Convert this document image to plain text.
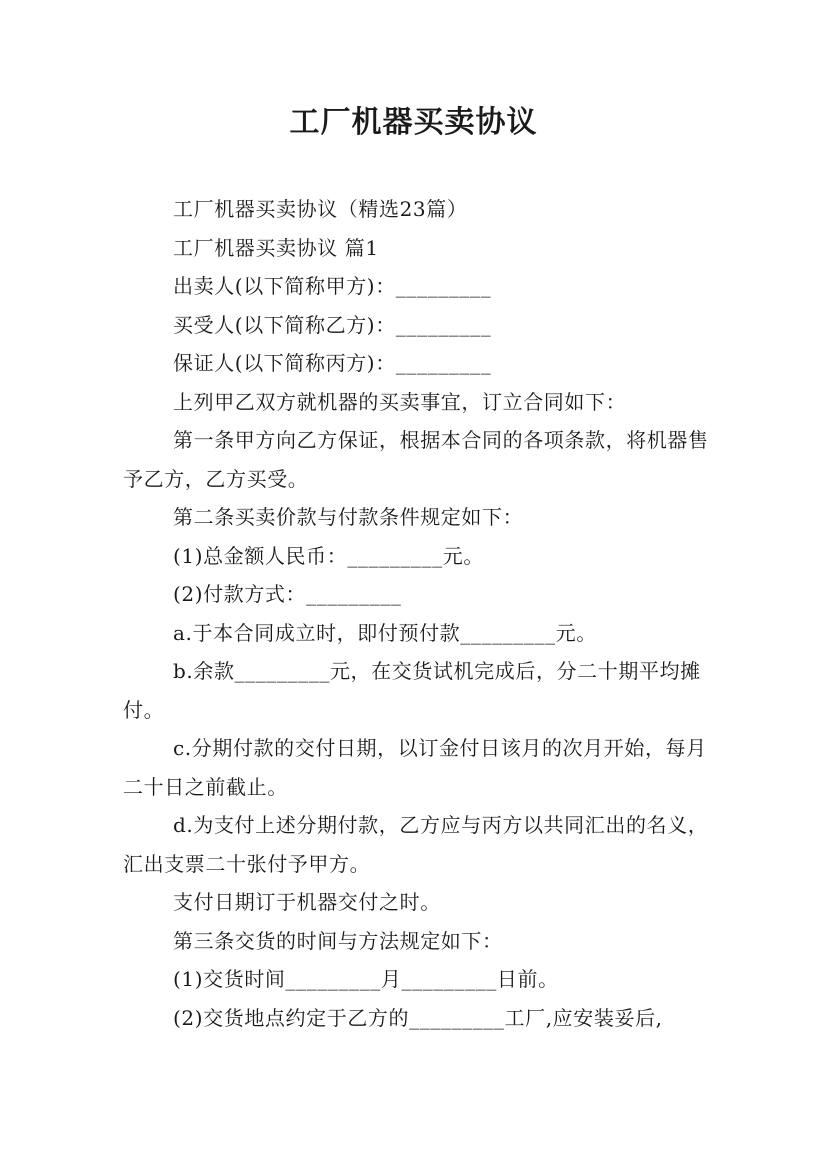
工厂机器买卖协议

工厂机器买卖协议（精选23篇）

工厂机器买卖协议 篇1

出卖人(以下简称甲方)：_________

买受人(以下简称乙方)：_________

保证人(以下简称丙方)：_________

上列甲乙双方就机器的买卖事宜，订立合同如下：

第一条甲方向乙方保证，根据本合同的各项条款，将机器售予乙方，乙方买受。

第二条买卖价款与付款条件规定如下：

(1)总金额人民币：_________元。

(2)付款方式：_________

a.于本合同成立时，即付预付款_________元。

b.余款_________元，在交货试机完成后，分二十期平均摊付。

c.分期付款的交付日期，以订金付日该月的次月开始，每月二十日之前截止。

d.为支付上述分期付款，乙方应与丙方以共同汇出的名义，汇出支票二十张付予甲方。

支付日期订于机器交付之时。

第三条交货的时间与方法规定如下：

(1)交货时间_________月_________日前。

(2)交货地点约定于乙方的_________工厂,应安装妥后,
